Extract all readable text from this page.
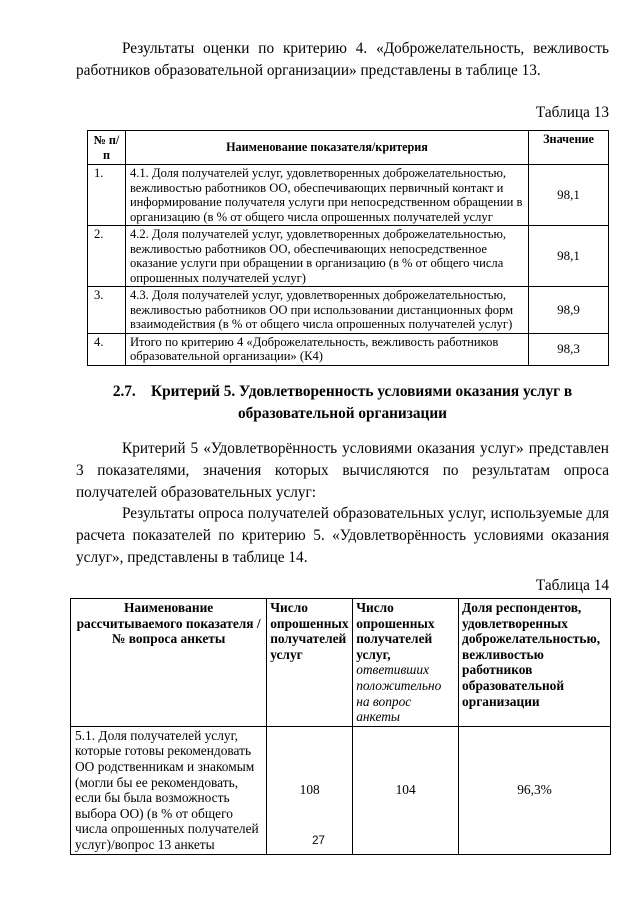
Результаты оценки по критерию 4. «Доброжелательность, вежливость работников образовательной организации» представлены в таблице 13.
Таблица 13
№ п/п	Наименование показателя/критерия	Значение
1.	4.1. Доля получателей услуг, удовлетворенных доброжелательностью, вежливостью работников ОО, обеспечивающих первичный контакт и информирование получателя услуги при непосредственном обращении в организацию (в % от общего числа опрошенных получателей услуг	98,1
2.	4.2. Доля получателей услуг, удовлетворенных доброжелательностью, вежливостью работников ОО, обеспечивающих непосредственное оказание услуги при обращении в организацию (в % от общего числа опрошенных получателей услуг)	98,1
3.	4.3. Доля получателей услуг, удовлетворенных доброжелательностью, вежливостью работников ОО при использовании дистанционных форм взаимодействия (в % от общего числа опрошенных получателей услуг)	98,9
4.	Итого по критерию 4 «Доброжелательность, вежливость работников образовательной организации» (К4)	98,3
2.7.    Критерий 5. Удовлетворенность условиями оказания услуг в образовательной организации
Критерий 5 «Удовлетворённость условиями оказания услуг» представлен 3 показателями, значения которых вычисляются по результатам опроса получателей образовательных услуг:
Результаты опроса получателей образовательных услуг, используемые для расчета показателей по критерию 5. «Удовлетворённость условиями оказания услуг», представлены в таблице 14.
Таблица 14
Наименование рассчитываемого показателя /№ вопроса анкеты	Число опрошенных получателей услуг	Число опрошенных получателей услуг,
ответивших положительно на вопрос анкеты	Доля респондентов, удовлетворенных доброжелательностью, вежливостью работников образовательной организации
5.1. Доля получателей услуг, которые готовы рекомендовать ОО родственникам и знакомым (могли бы ее рекомендовать, если бы была возможность выбора ОО) (в % от общего числа опрошенных получателей услуг)/вопрос 13 анкеты	108	104	96,3%
27
